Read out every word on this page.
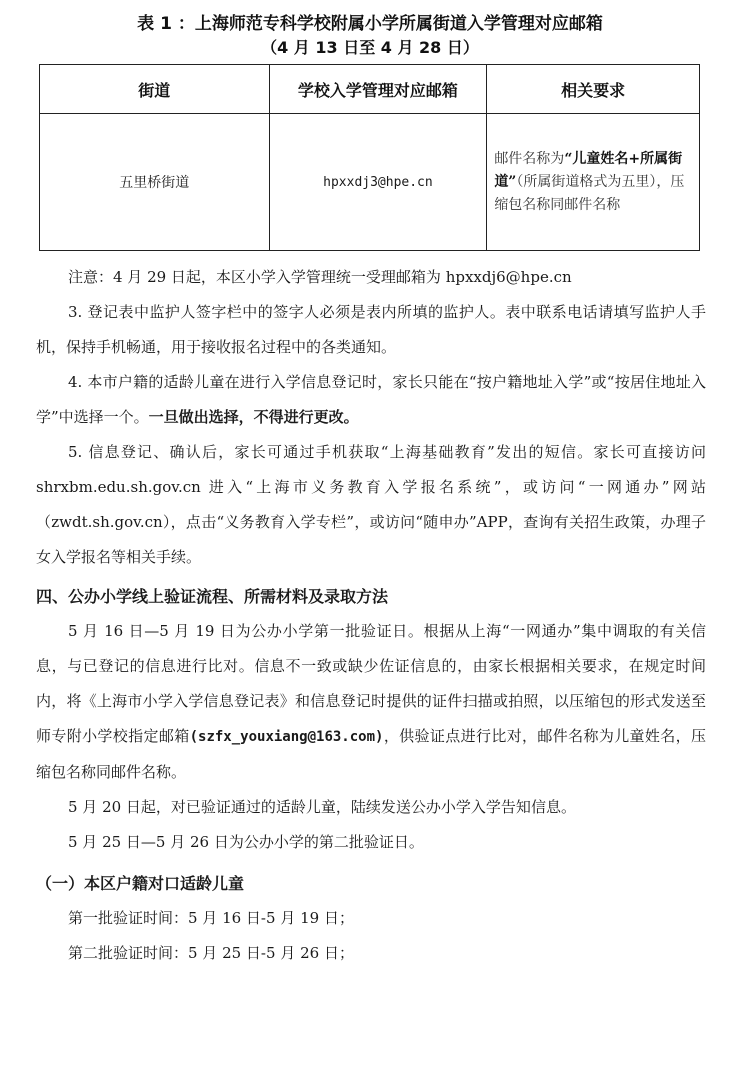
表 1 ：上海师范专科学校附属小学所属街道入学管理对应邮箱
（4 月 13 日至 4 月 28 日）
街道	学校入学管理对应邮箱	相关要求
五里桥街道	hpxxdj3@hpe.cn	邮件名称为“儿童姓名+所属街道”（所属街道格式为五里），压缩包名称同邮件名称

注意：4 月 29 日起，本区小学入学管理统一受理邮箱为 hpxxdj6@hpe.cn

3. 登记表中监护人签字栏中的签字人必须是表内所填的监护人。表中联系电话请填写监护人手机，保持手机畅通，用于接收报名过程中的各类通知。

4. 本市户籍的适龄儿童在进行入学信息登记时，家长只能在“按户籍地址入学”或“按居住地址入学”中选择一个。一旦做出选择，不得进行更改。

5. 信息登记、确认后，家长可通过手机获取“上海基础教育”发出的短信。家长可直接访问 shrxbm.edu.sh.gov.cn 进入“上海市义务教育入学报名系统”，或访问“一网通办”网站（zwdt.sh.gov.cn），点击“义务教育入学专栏”，或访问“随申办”APP，查询有关招生政策，办理子女入学报名等相关手续。

四、公办小学线上验证流程、所需材料及录取方法

5 月 16 日—5 月 19 日为公办小学第一批验证日。根据从上海“一网通办”集中调取的有关信息，与已登记的信息进行比对。信息不一致或缺少佐证信息的，由家长根据相关要求，在规定时间内，将《上海市小学入学信息登记表》和信息登记时提供的证件扫描或拍照，以压缩包的形式发送至师专附小学校指定邮箱(szfx_youxiang@163.com)，供验证点进行比对，邮件名称为儿童姓名，压缩包名称同邮件名称。

5 月 20 日起，对已验证通过的适龄儿童，陆续发送公办小学入学告知信息。

5 月 25 日—5 月 26 日为公办小学的第二批验证日。

（一）本区户籍对口适龄儿童

第一批验证时间：5 月 16 日-5 月 19 日；

第二批验证时间：5 月 25 日-5 月 26 日；
